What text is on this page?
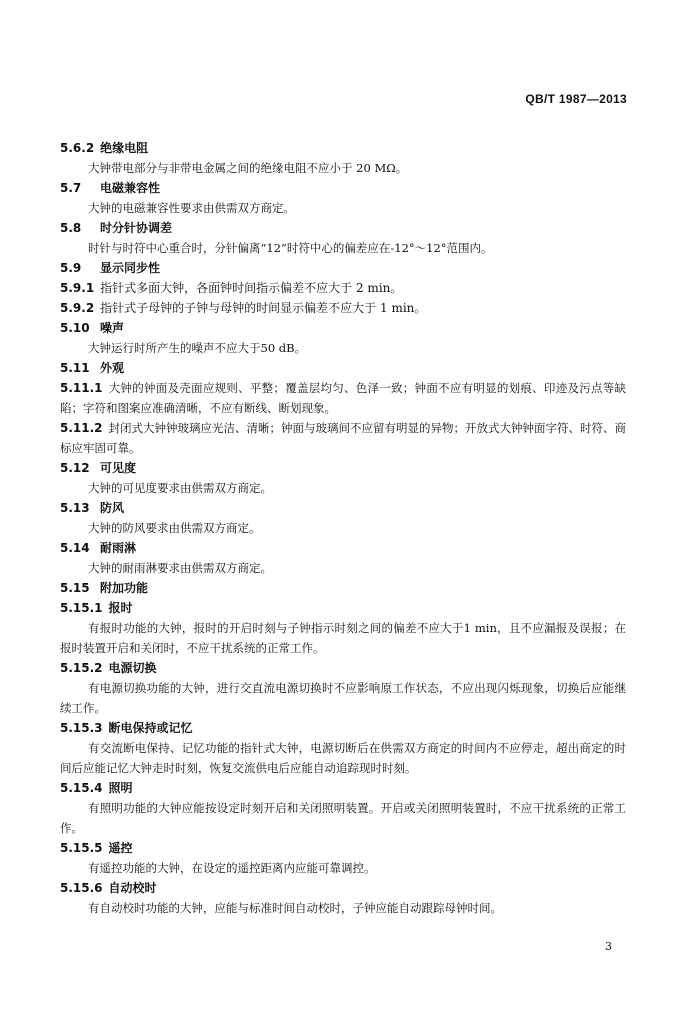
QB/T 1987—2013
5.6.2 绝缘电阻

大钟带电部分与非带电金属之间的绝缘电阻不应小于 20 MΩ。

5.7	电磁兼容性

大钟的电磁兼容性要求由供需双方商定。

5.8	时分针协调差

时针与时符中心重合时，分针偏离“12”时符中心的偏差应在-12°～12°范围内。

5.9	显示同步性
5.9.1 指针式多面大钟，各面钟时间指示偏差不应大于 2 min。
5.9.2 指针式子母钟的子钟与母钟的时间显示偏差不应大于 1 min。
5.10 噪声

大钟运行时所产生的噪声不应大于50 dB。

5.11 外观

5.11.1 大钟的钟面及壳面应规则、平整；覆盖层均匀、色泽一致；钟面不应有明显的划痕、印迹及污点等缺陷；字符和图案应准确清晰，不应有断线、断划现象。

5.11.2 封闭式大钟钟玻璃应光洁、清晰；钟面与玻璃间不应留有明显的异物；开放式大钟钟面字符、时符、商标应牢固可靠。

5.12 可见度

大钟的可见度要求由供需双方商定。

5.13 防风

大钟的防风要求由供需双方商定。

5.14 耐雨淋

大钟的耐雨淋要求由供需双方商定。

5.15 附加功能
5.15.1 报时

有报时功能的大钟，报时的开启时刻与子钟指示时刻之间的偏差不应大于1 min，且不应漏报及误报；在报时装置开启和关闭时，不应干扰系统的正常工作。

5.15.2 电源切换

有电源切换功能的大钟，进行交直流电源切换时不应影响原工作状态，不应出现闪烁现象，切换后应能继续工作。

5.15.3 断电保持或记忆

有交流断电保持、记忆功能的指针式大钟，电源切断后在供需双方商定的时间内不应停走，超出商定的时间后应能记忆大钟走时时刻，恢复交流供电后应能自动追踪现时时刻。

5.15.4 照明

有照明功能的大钟应能按设定时刻开启和关闭照明装置。开启或关闭照明装置时，不应干扰系统的正常工作。

5.15.5 遥控

有遥控功能的大钟，在设定的遥控距离内应能可靠调控。

5.15.6 自动校时

有自动校时功能的大钟，应能与标准时间自动校时，子钟应能自动跟踪母钟时间。

3
